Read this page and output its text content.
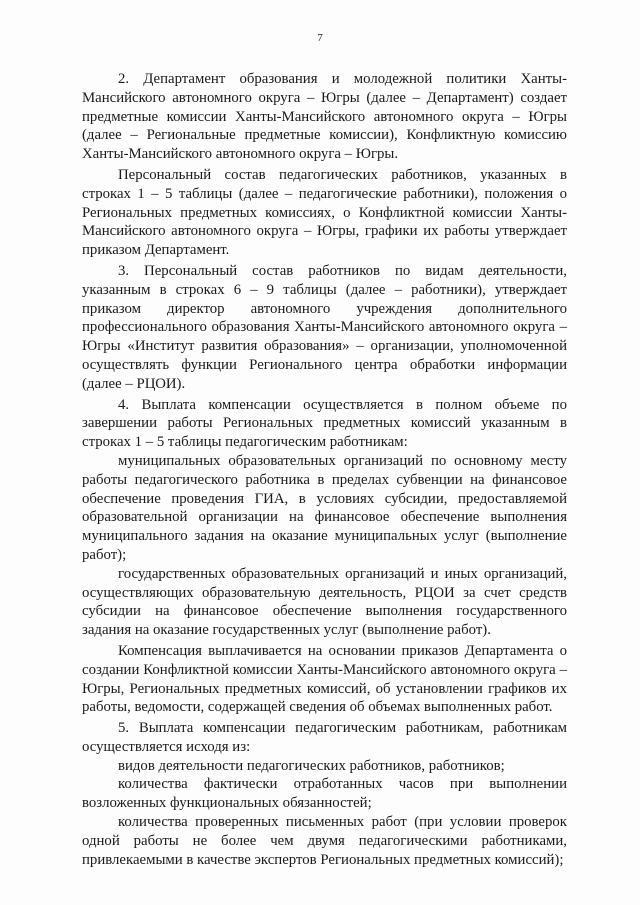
7

2. Департамент образования и молодежной политики Ханты-Мансийского автономного округа – Югры (далее – Департамент) создает предметные комиссии Ханты-Мансийского автономного округа – Югры (далее – Региональные предметные комиссии), Конфликтную комиссию Ханты-Мансийского автономного округа – Югры.

Персональный состав педагогических работников, указанных в строках 1 – 5 таблицы (далее – педагогические работники), положения о Региональных предметных комиссиях, о Конфликтной комиссии Ханты-Мансийского автономного округа – Югры, графики их работы утверждает приказом Департамент.

3. Персональный состав работников по видам деятельности, указанным в строках 6 – 9 таблицы (далее – работники), утверждает приказом директор автономного учреждения дополнительного профессионального образования Ханты-Мансийского автономного округа – Югры «Институт развития образования» – организации, уполномоченной осуществлять функции Регионального центра обработки информации (далее – РЦОИ).

4. Выплата компенсации осуществляется в полном объеме по завершении работы Региональных предметных комиссий указанным в строках 1 – 5 таблицы педагогическим работникам:

муниципальных образовательных организаций по основному месту работы педагогического работника в пределах субвенции на финансовое обеспечение проведения ГИА, в условиях субсидии, предоставляемой образовательной организации на финансовое обеспечение выполнения муниципального задания на оказание муниципальных услуг (выполнение работ);

государственных образовательных организаций и иных организаций, осуществляющих образовательную деятельность, РЦОИ за счет средств субсидии на финансовое обеспечение выполнения государственного задания на оказание государственных услуг (выполнение работ).

Компенсация выплачивается на основании приказов Департамента о создании Конфликтной комиссии Ханты-Мансийского автономного округа – Югры, Региональных предметных комиссий, об установлении графиков их работы, ведомости, содержащей сведения об объемах выполненных работ.

5. Выплата компенсации педагогическим работникам, работникам осуществляется исходя из:

видов деятельности педагогических работников, работников;

количества фактически отработанных часов при выполнении возложенных функциональных обязанностей;

количества проверенных письменных работ (при условии проверок одной работы не более чем двумя педагогическими работниками, привлекаемыми в качестве экспертов Региональных предметных комиссий);
